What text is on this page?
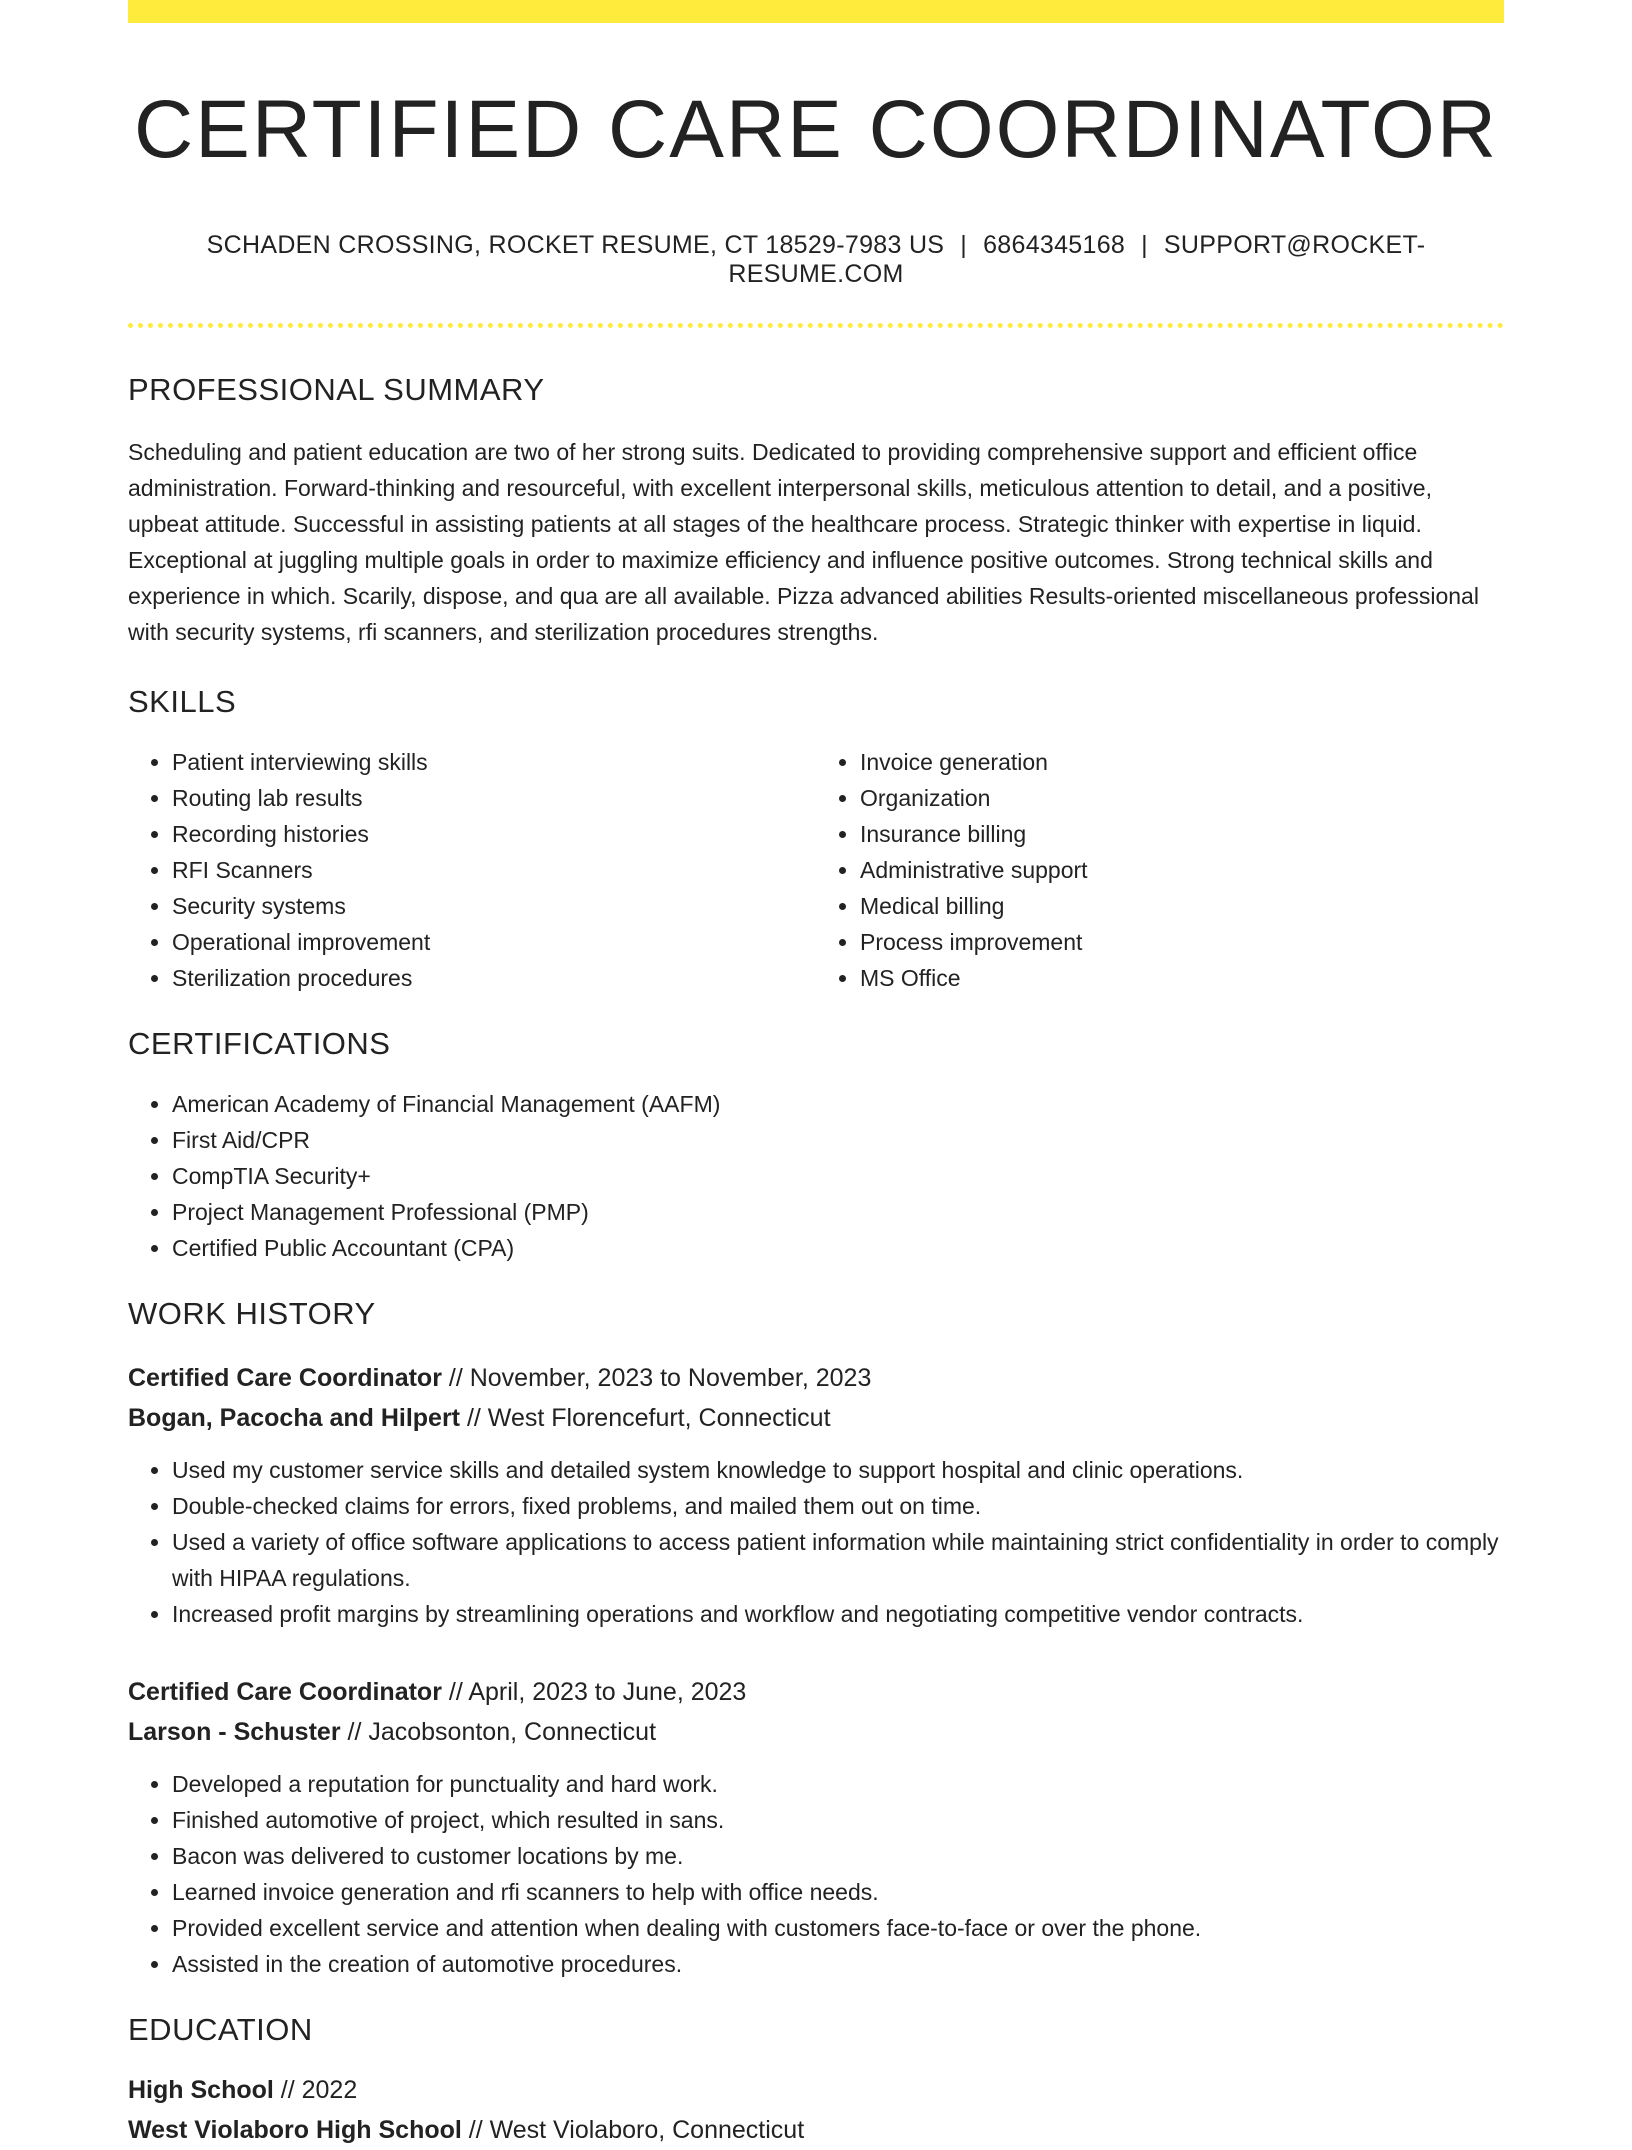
CERTIFIED CARE COORDINATOR
SCHADEN CROSSING, ROCKET RESUME, CT 18529-7983 US | 6864345168 | SUPPORT@ROCKET-RESUME.COM
PROFESSIONAL SUMMARY

Scheduling and patient education are two of her strong suits. Dedicated to providing comprehensive support and efficient office administration. Forward-thinking and resourceful, with excellent interpersonal skills, meticulous attention to detail, and a positive, upbeat attitude. Successful in assisting patients at all stages of the healthcare process. Strategic thinker with expertise in liquid. Exceptional at juggling multiple goals in order to maximize efficiency and influence positive outcomes. Strong technical skills and experience in which. Scarily, dispose, and qua are all available. Pizza advanced abilities Results-oriented miscellaneous professional with security systems, rfi scanners, and sterilization procedures strengths.

SKILLS
• Patient interviewing skills
• Routing lab results
• Recording histories
• RFI Scanners
• Security systems
• Operational improvement
• Sterilization procedures
• Invoice generation
• Organization
• Insurance billing
• Administrative support
• Medical billing
• Process improvement
• MS Office
CERTIFICATIONS
• American Academy of Financial Management (AAFM)
• First Aid/CPR
• CompTIA Security+
• Project Management Professional (PMP)
• Certified Public Accountant (CPA)
WORK HISTORY
Certified Care Coordinator // November, 2023 to November, 2023
Bogan, Pacocha and Hilpert // West Florencefurt, Connecticut
• Used my customer service skills and detailed system knowledge to support hospital and clinic operations.
• Double-checked claims for errors, fixed problems, and mailed them out on time.
• Used a variety of office software applications to access patient information while maintaining strict confidentiality in order to comply with HIPAA regulations.
• Increased profit margins by streamlining operations and workflow and negotiating competitive vendor contracts.
Certified Care Coordinator // April, 2023 to June, 2023
Larson - Schuster // Jacobsonton, Connecticut
• Developed a reputation for punctuality and hard work.
• Finished automotive of project, which resulted in sans.
• Bacon was delivered to customer locations by me.
• Learned invoice generation and rfi scanners to help with office needs.
• Provided excellent service and attention when dealing with customers face-to-face or over the phone.
• Assisted in the creation of automotive procedures.
EDUCATION
High School // 2022
West Violaboro High School // West Violaboro, Connecticut
